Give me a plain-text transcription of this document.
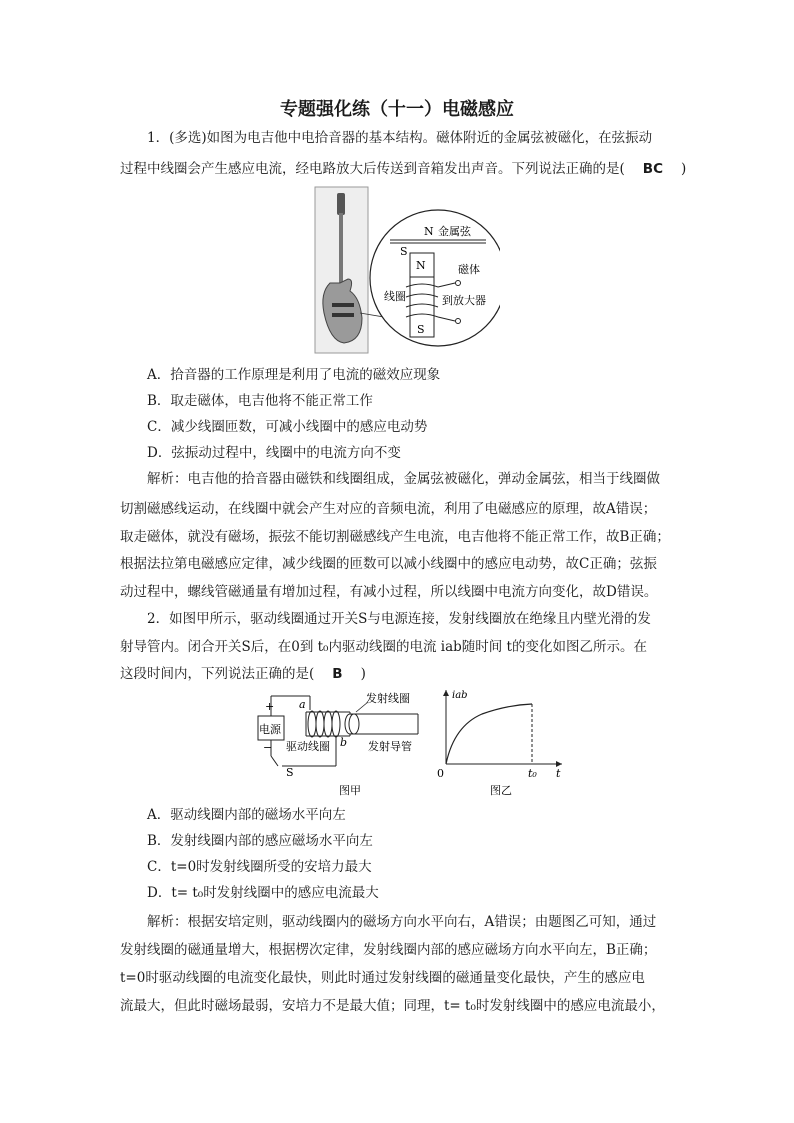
专题强化练（十一）电磁感应
1．(多选)如图为电吉他中电拾音器的基本结构。磁体附近的金属弦被磁化，在弦振动
过程中线圈会产生感应电流，经电路放大后传送到音箱发出声音。下列说法正确的是( BC )
N 金属弦
S
N	磁体
线圈	到放大器
S
A．拾音器的工作原理是利用了电流的磁效应现象
B．取走磁体，电吉他将不能正常工作
C．减少线圈匝数，可减小线圈中的感应电动势
D．弦振动过程中，线圈中的电流方向不变
解析：电吉他的拾音器由磁铁和线圈组成，金属弦被磁化，弹动金属弦，相当于线圈做
切割磁感线运动，在线圈中就会产生对应的音频电流，利用了电磁感应的原理，故A错误；
取走磁体，就没有磁场，振弦不能切割磁感线产生电流，电吉他将不能正常工作，故B正确；
根据法拉第电磁感应定律，减少线圈的匝数可以减小线圈中的感应电动势，故C正确；弦振
动过程中，螺线管磁通量有增加过程，有减小过程，所以线圈中电流方向变化，故D错误。
2．如图甲所示，驱动线圈通过开关S与电源连接，发射线圈放在绝缘且内壁光滑的发
射导管内。闭合开关S后，在0到 t₀内驱动线圈的电流 iab随时间 t的变化如图乙所示。在
这段时间内，下列说法正确的是( B )
+
电源
−
a
b
发射线圈
驱动线圈	发射导管
S
图甲
iab
0	t₀ t
图乙
A．驱动线圈内部的磁场水平向左
B．发射线圈内部的感应磁场水平向左
C．t=0时发射线圈所受的安培力最大
D．t= t₀时发射线圈中的感应电流最大
解析：根据安培定则，驱动线圈内的磁场方向水平向右，A错误；由题图乙可知，通过
发射线圈的磁通量增大，根据楞次定律，发射线圈内部的感应磁场方向水平向左，B正确；
t=0时驱动线圈的电流变化最快，则此时通过发射线圈的磁通量变化最快，产生的感应电
流最大，但此时磁场最弱，安培力不是最大值；同理，t= t₀时发射线圈中的感应电流最小，
